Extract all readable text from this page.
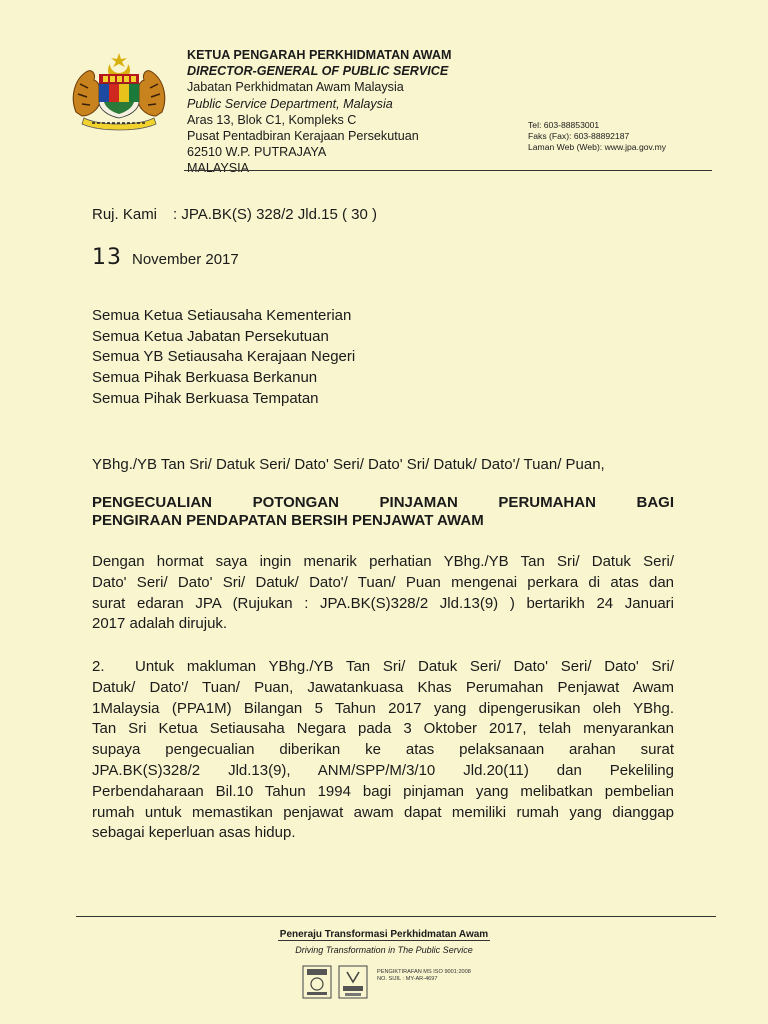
KETUA PENGARAH PERKHIDMATAN AWAM
DIRECTOR-GENERAL OF PUBLIC SERVICE
Jabatan Perkhidmatan Awam Malaysia
Public Service Department, Malaysia
Aras 13, Blok C1, Kompleks C
Pusat Pentadbiran Kerajaan Persekutuan
62510 W.P. PUTRAJAYA
MALAYSIA
Tel: 603-88853001
Faks (Fax): 603-88892187
Laman Web (Web): www.jpa.gov.my
Ruj. Kami : JPA.BK(S) 328/2 Jld.15 ( 30 )
13 November 2017
Semua Ketua Setiausaha Kementerian
Semua Ketua Jabatan Persekutuan
Semua YB Setiausaha Kerajaan Negeri
Semua Pihak Berkuasa Berkanun
Semua Pihak Berkuasa Tempatan
YBhg./YB Tan Sri/ Datuk Seri/ Dato' Seri/ Dato' Sri/ Datuk/ Dato'/ Tuan/ Puan,
PENGECUALIAN POTONGAN PINJAMAN PERUMAHAN BAGI
PENGIRAAN PENDAPATAN BERSIH PENJAWAT AWAM
Dengan hormat saya ingin menarik perhatian YBhg./YB Tan Sri/ Datuk Seri/
Dato' Seri/ Dato' Sri/ Datuk/ Dato'/ Tuan/ Puan mengenai perkara di atas dan
surat edaran JPA (Rujukan : JPA.BK(S)328/2 Jld.13(9) ) bertarikh 24 Januari
2017 adalah dirujuk.
2. Untuk makluman YBhg./YB Tan Sri/ Datuk Seri/ Dato' Seri/ Dato' Sri/
Datuk/ Dato'/ Tuan/ Puan, Jawatankuasa Khas Perumahan Penjawat Awam
1Malaysia (PPA1M) Bilangan 5 Tahun 2017 yang dipengerusikan oleh YBhg.
Tan Sri Ketua Setiausaha Negara pada 3 Oktober 2017, telah menyarankan
supaya pengecualian diberikan ke atas pelaksanaan arahan surat
JPA.BK(S)328/2 Jld.13(9), ANM/SPP/M/3/10 Jld.20(11) dan Pekeliling
Perbendaharaan Bil.10 Tahun 1994 bagi pinjaman yang melibatkan pembelian
rumah untuk memastikan penjawat awam dapat memiliki rumah yang dianggap
sebagai keperluan asas hidup.
Peneraju Transformasi Perkhidmatan Awam
Driving Transformation in The Public Service
PENGIKTIRAFAN MS ISO 9001:2008
NO. SIJIL : MY-AR-4697
